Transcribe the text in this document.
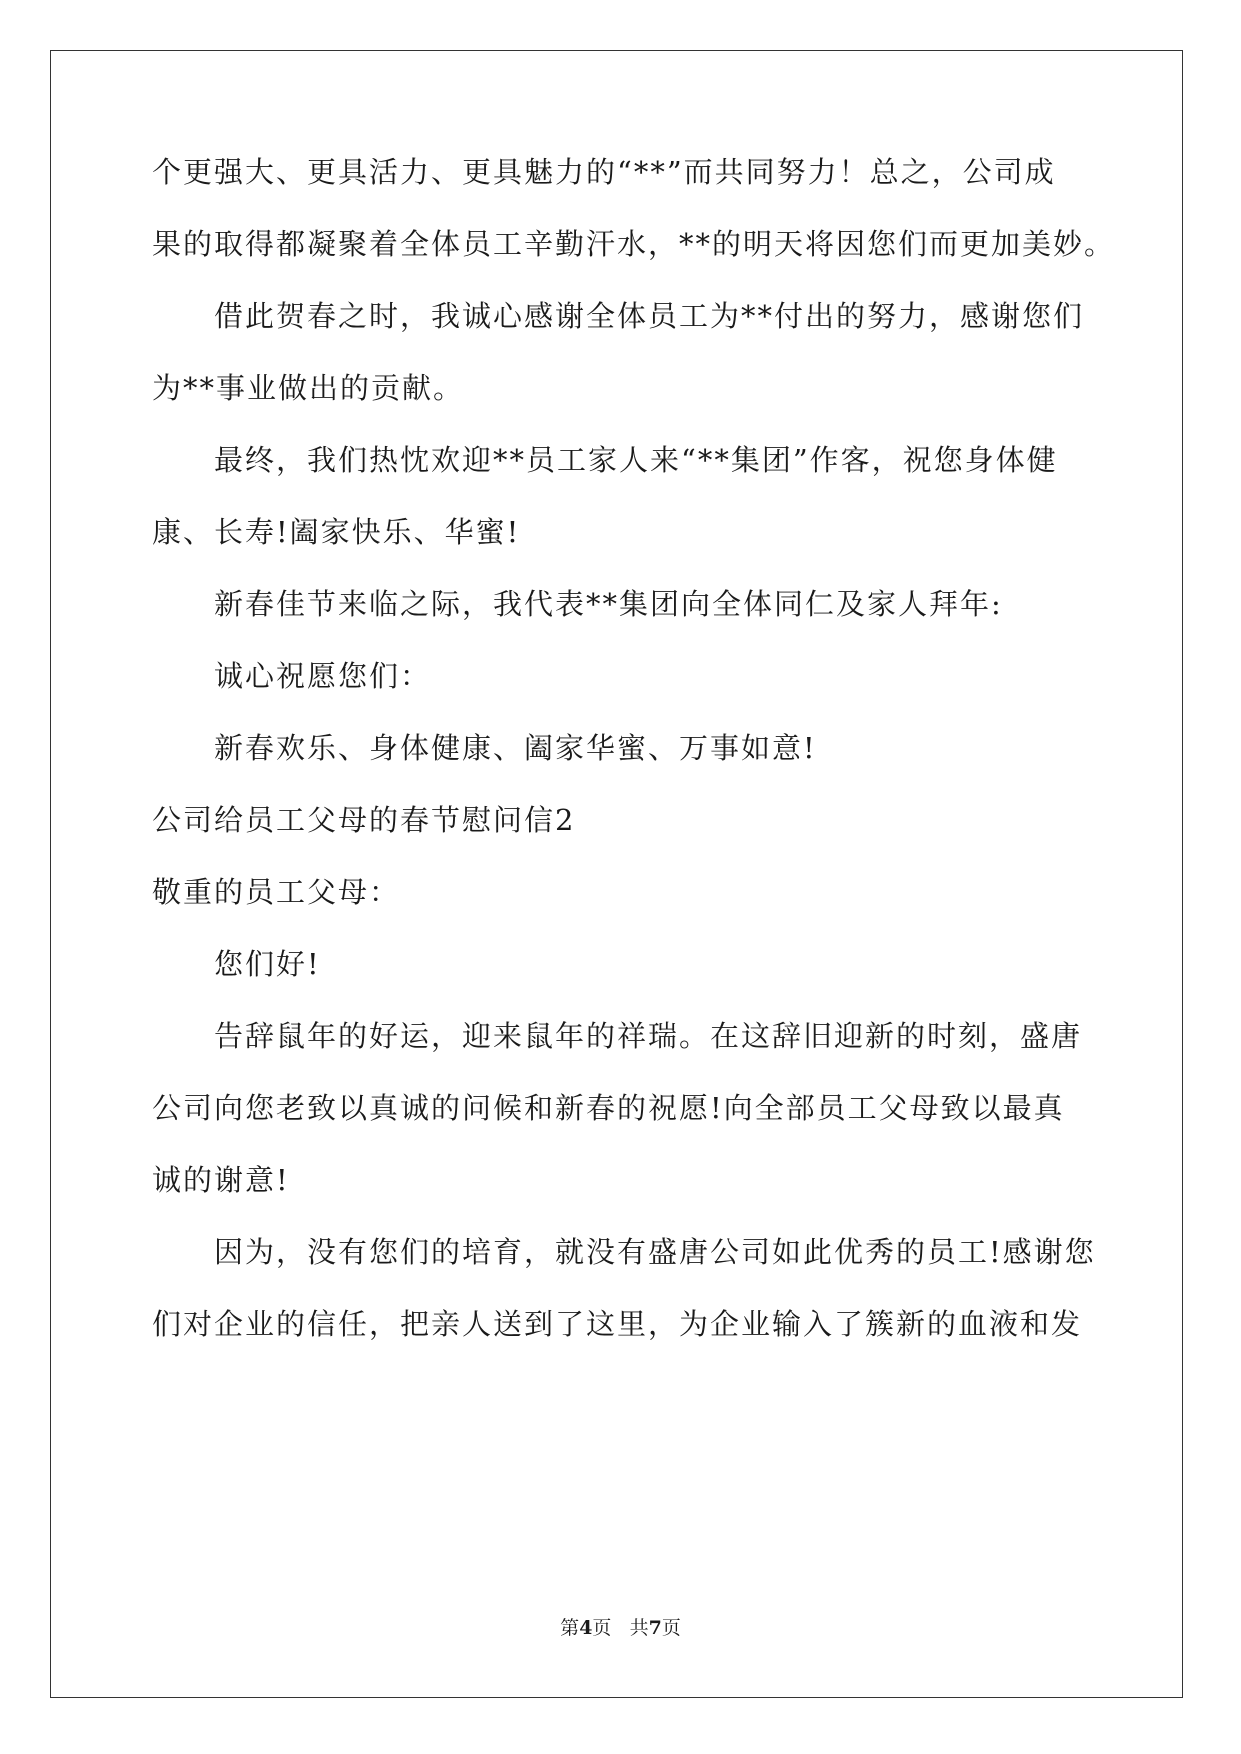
个更强大、更具活力、更具魅力的“**”而共同努力！总之，公司成
果的取得都凝聚着全体员工辛勤汗水，**的明天将因您们而更加美妙。
借此贺春之时，我诚心感谢全体员工为**付出的努力，感谢您们
为**事业做出的贡献。
最终，我们热忱欢迎**员工家人来“**集团”作客，祝您身体健
康、长寿!阖家快乐、华蜜!
新春佳节来临之际，我代表**集团向全体同仁及家人拜年:
诚心祝愿您们：
新春欢乐、身体健康、阖家华蜜、万事如意!
公司给员工父母的春节慰问信2
敬重的员工父母：
您们好!
告辞鼠年的好运，迎来鼠年的祥瑞。在这辞旧迎新的时刻，盛唐
公司向您老致以真诚的问候和新春的祝愿!向全部员工父母致以最真
诚的谢意!
因为，没有您们的培育，就没有盛唐公司如此优秀的员工!感谢您
们对企业的信任，把亲人送到了这里，为企业输入了簇新的血液和发
第4页 共7页
